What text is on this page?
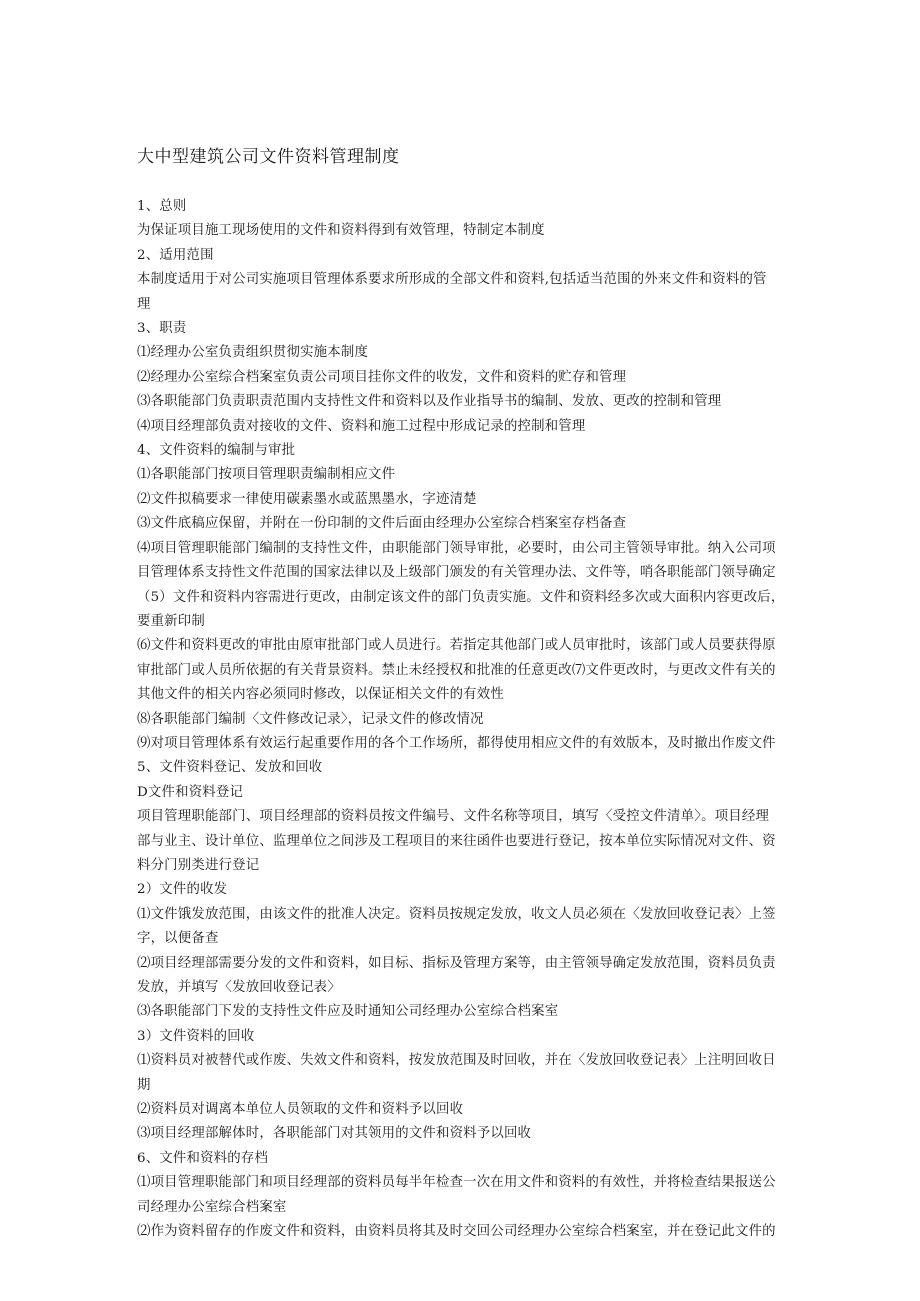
大中型建筑公司文件资料管理制度
1、总则
为保证项目施工现场使用的文件和资料得到有效管理，特制定本制度
2、适用范围
本制度适用于对公司实施项目管理体系要求所形成的全部文件和资料,包括适当范围的外来文件和资料的管
理
3、职责
⑴经理办公室负责组织贯彻实施本制度
⑵经理办公室综合档案室负责公司项目挂你文件的收发，文件和资料的贮存和管理
⑶各职能部门负责职责范围内支持性文件和资料以及作业指导书的编制、发放、更改的控制和管理
⑷项目经理部负责对接收的文件、资料和施工过程中形成记录的控制和管理
4、文件资料的编制与审批
⑴各职能部门按项目管理职责编制相应文件
⑵文件拟稿要求一律使用碳素墨水或蓝黑墨水，字迹清楚
⑶文件底稿应保留，并附在一份印制的文件后面由经理办公室综合档案室存档备查
⑷项目管理职能部门编制的支持性文件，由职能部门领导审批，必要时，由公司主管领导审批。纳入公司项
目管理体系支持性文件范围的国家法律以及上级部门颁发的有关管理办法、文件等，哨各职能部门领导确定
（5）文件和资料内容需进行更改，由制定该文件的部门负责实施。文件和资料经多次或大面积内容更改后，
要重新印制
⑹文件和资料更改的审批由原审批部门或人员进行。若指定其他部门或人员审批时，该部门或人员要获得原
审批部门或人员所依据的有关背景资料。禁止未经授权和批准的任意更改⑺文件更改时，与更改文件有关的
其他文件的相关内容必须同时修改，以保证相关文件的有效性
⑻各职能部门编制〈文件修改记录〉，记录文件的修改情况
⑼对项目管理体系有效运行起重要作用的各个工作场所，都得使用相应文件的有效版本，及时撤出作废文件
5、文件资料登记、发放和回收
D文件和资料登记
项目管理职能部门、项目经理部的资料员按文件编号、文件名称等项目，填写〈受控文件清单〉。项目经理
部与业主、设计单位、监理单位之间涉及工程项目的来往函件也要进行登记，按本单位实际情况对文件、资
料分门别类进行登记
2）文件的收发
⑴文件饿发放范围，由该文件的批准人决定。资料员按规定发放，收文人员必须在〈发放回收登记表〉上签
字，以便备查
⑵项目经理部需要分发的文件和资料，如目标、指标及管理方案等，由主管领导确定发放范围，资料员负责
发放，并填写〈发放回收登记表〉
⑶各职能部门下发的支持性文件应及时通知公司经理办公室综合档案室
3）文件资料的回收
⑴资料员对被替代或作废、失效文件和资料，按发放范围及时回收，并在〈发放回收登记表〉上注明回收日
期
⑵资料员对调离本单位人员领取的文件和资料予以回收
⑶项目经理部解体时，各职能部门对其领用的文件和资料予以回收
6、文件和资料的存档
⑴项目管理职能部门和项目经理部的资料员每半年检查一次在用文件和资料的有效性，并将检查结果报送公
司经理办公室综合档案室
⑵作为资料留存的作废文件和资料，由资料员将其及时交回公司经理办公室综合档案室，并在登记此文件的
